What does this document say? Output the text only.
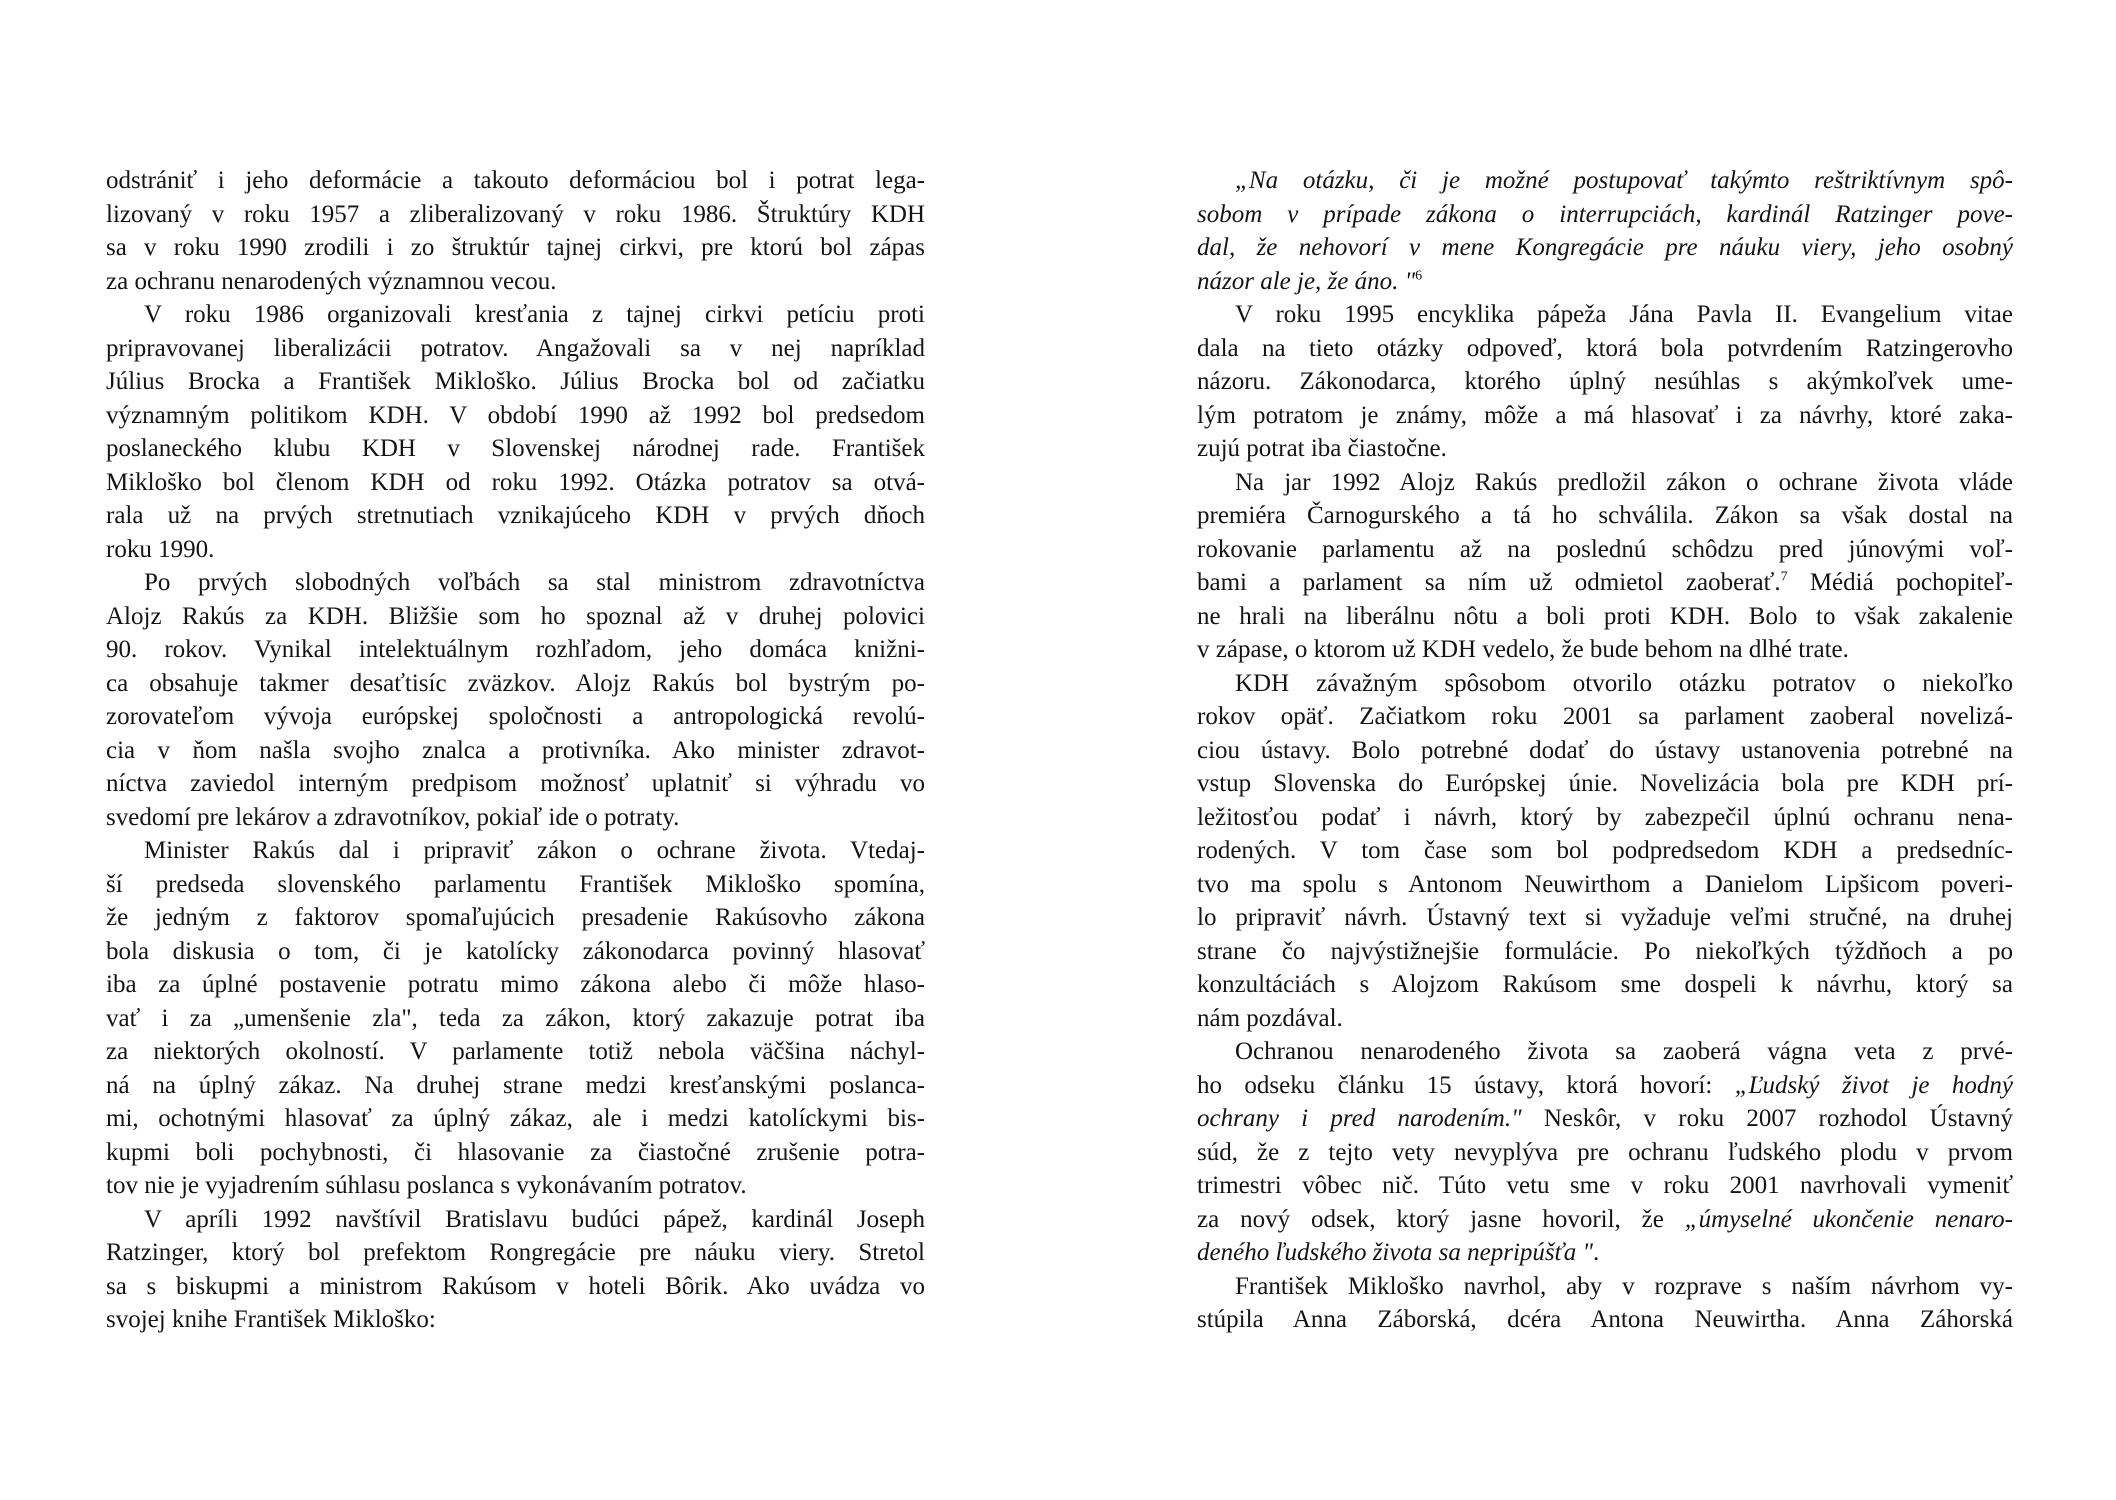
odstrániť i jeho deformácie a takouto deformáciou bol i potrat lega-
lizovaný v roku 1957 a zliberalizovaný v roku 1986. Štruktúry KDH
sa v roku 1990 zrodili i zo štruktúr tajnej cirkvi, pre ktorú bol zápas
za ochranu nenarodených významnou vecou.
V roku 1986 organizovali kresťania z tajnej cirkvi petíciu proti
pripravovanej liberalizácii potratov. Angažovali sa v nej napríklad
Július Brocka a František Mikloško. Július Brocka bol od začiatku
významným politikom KDH. V období 1990 až 1992 bol predsedom
poslaneckého klubu KDH v Slovenskej národnej rade. František
Mikloško bol členom KDH od roku 1992. Otázka potratov sa otvá-
rala už na prvých stretnutiach vznikajúceho KDH v prvých dňoch
roku 1990.
Po prvých slobodných voľbách sa stal ministrom zdravotníctva
Alojz Rakús za KDH. Bližšie som ho spoznal až v druhej polovici
90. rokov. Vynikal intelektuálnym rozhľadom, jeho domáca knižni-
ca obsahuje takmer desaťtisíc zväzkov. Alojz Rakús bol bystrým po-
zorovateľom vývoja európskej spoločnosti a antropologická revolú-
cia v ňom našla svojho znalca a protivníka. Ako minister zdravot-
níctva zaviedol interným predpisom možnosť uplatniť si výhradu vo
svedomí pre lekárov a zdravotníkov, pokiaľ ide o potraty.
Minister Rakús dal i pripraviť zákon o ochrane života. Vtedaj-
ší predseda slovenského parlamentu František Mikloško spomína,
že jedným z faktorov spomaľujúcich presadenie Rakúsovho zákona
bola diskusia o tom, či je katolícky zákonodarca povinný hlasovať
iba za úplné postavenie potratu mimo zákona alebo či môže hlaso-
vať i za „umenšenie zla", teda za zákon, ktorý zakazuje potrat iba
za niektorých okolností. V parlamente totiž nebola väčšina náchyl-
ná na úplný zákaz. Na druhej strane medzi kresťanskými poslanca-
mi, ochotnými hlasovať za úplný zákaz, ale i medzi katolíckymi bis-
kupmi boli pochybnosti, či hlasovanie za čiastočné zrušenie potra-
tov nie je vyjadrením súhlasu poslanca s vykonávaním potratov.
V apríli 1992 navštívil Bratislavu budúci pápež, kardinál Joseph
Ratzinger, ktorý bol prefektom Rongregácie pre náuku viery. Stretol
sa s biskupmi a ministrom Rakúsom v hoteli Bôrik. Ako uvádza vo
svojej knihe František Mikloško:
„Na otázku, či je možné postupovať takýmto reštriktívnym spô-
sobom v prípade zákona o interrupciách, kardinál Ratzinger pove-
dal, že nehovorí v mene Kongregácie pre náuku viery, jeho osobný
názor ale je, že áno. "$^6$
V roku 1995 encyklika pápeža Jána Pavla II. Evangelium vitae
dala na tieto otázky odpoveď, ktorá bola potvrdením Ratzingerovho
názoru. Zákonodarca, ktorého úplný nesúhlas s akýmkoľvek ume-
lým potratom je známy, môže a má hlasovať i za návrhy, ktoré zaka-
zujú potrat iba čiastočne.
Na jar 1992 Alojz Rakús predložil zákon o ochrane života vláde
premiéra Čarnogurského a tá ho schválila. Zákon sa však dostal na
rokovanie parlamentu až na poslednú schôdzu pred júnovými voľ-
bami a parlament sa ním už odmietol zaoberať.$^7$ Médiá pochopiteľ-
ne hrali na liberálnu nôtu a boli proti KDH. Bolo to však zakalenie
v zápase, o ktorom už KDH vedelo, že bude behom na dlhé trate.
KDH závažným spôsobom otvorilo otázku potratov o niekoľko
rokov opäť. Začiatkom roku 2001 sa parlament zaoberal novelizá-
ciou ústavy. Bolo potrebné dodať do ústavy ustanovenia potrebné na
vstup Slovenska do Európskej únie. Novelizácia bola pre KDH prí-
ležitosťou podať i návrh, ktorý by zabezpečil úplnú ochranu nena-
rodených. V tom čase som bol podpredsedom KDH a predsedníc-
tvo ma spolu s Antonom Neuwirthom a Danielom Lipšicom poveri-
lo pripraviť návrh. Ústavný text si vyžaduje veľmi stručné, na druhej
strane čo najvýstižnejšie formulácie. Po niekoľkých týždňoch a po
konzultáciách s Alojzom Rakúsom sme dospeli k návrhu, ktorý sa
nám pozdával.
Ochranou nenarodeného života sa zaoberá vágna veta z prvé-
ho odseku článku 15 ústavy, ktorá hovorí: „Ľudský život je hodný
ochrany i pred narodením." Neskôr, v roku 2007 rozhodol Ústavný
súd, že z tejto vety nevyplýva pre ochranu ľudského plodu v prvom
trimestri vôbec nič. Túto vetu sme v roku 2001 navrhovali vymeniť
za nový odsek, ktorý jasne hovoril, že „úmyselné ukončenie nenaro-
deného ľudského života sa nepripúšťa ".
František Mikloško navrhol, aby v rozprave s naším návrhom vy-
stúpila Anna Záborská, dcéra Antona Neuwirtha. Anna Záhorská
